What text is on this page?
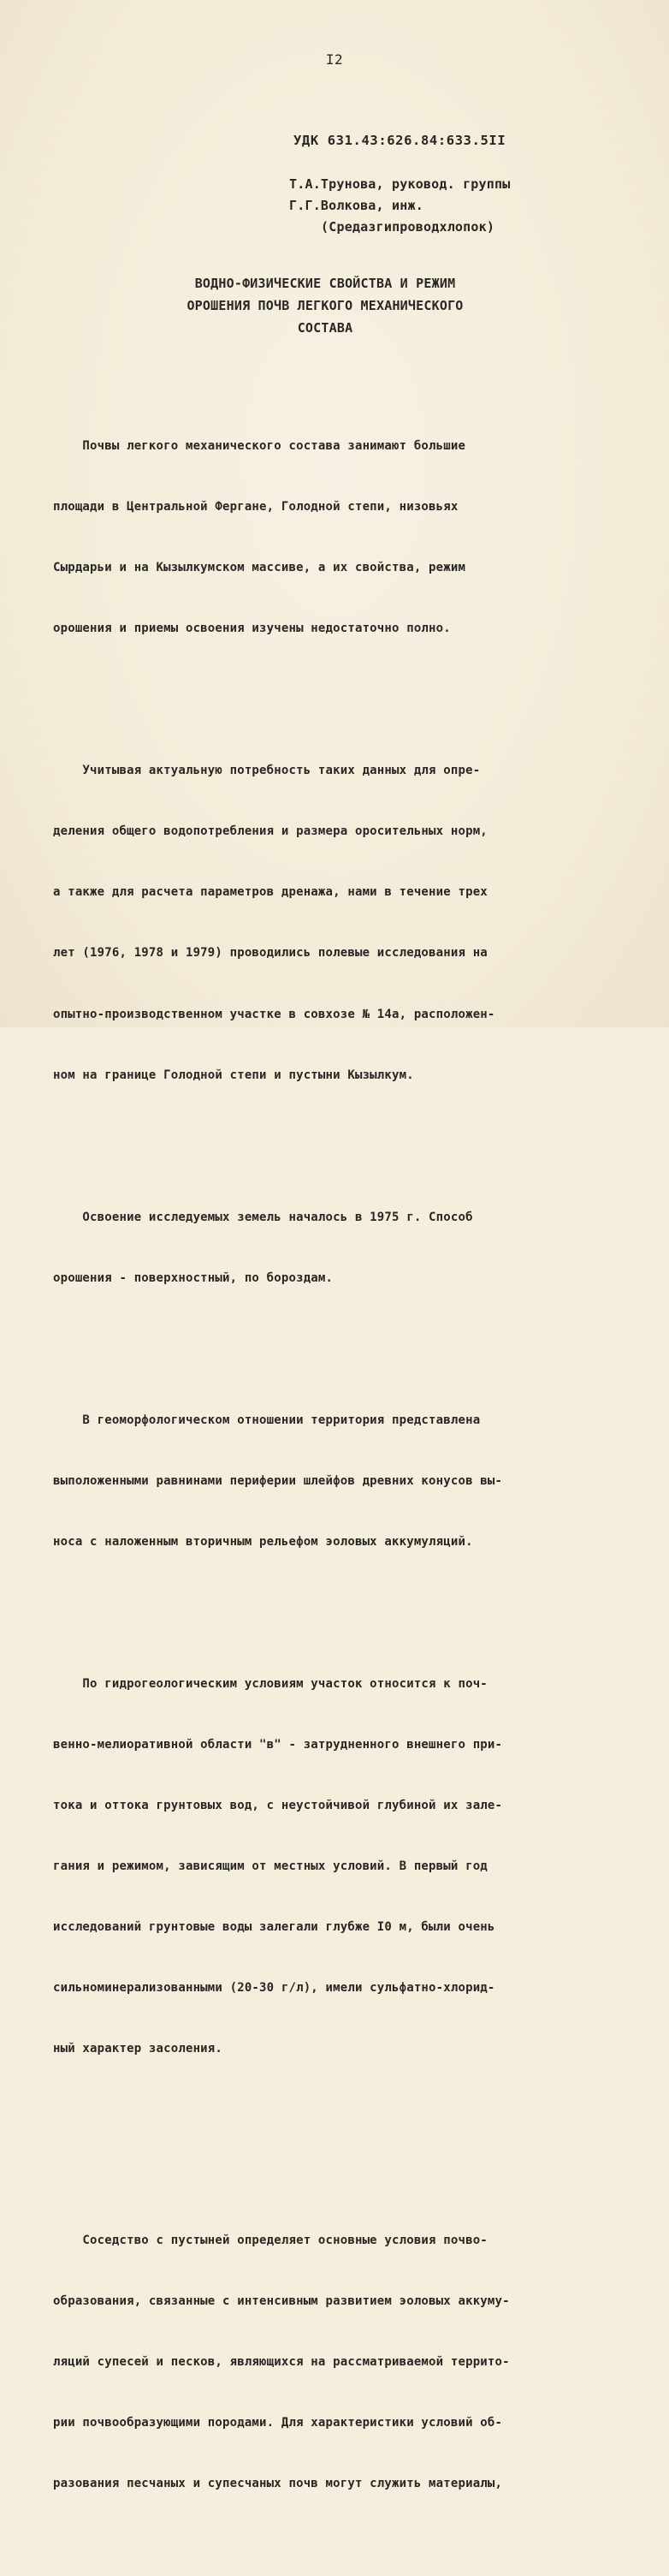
I2
УДК 631.43:626.84:633.5II
Т.А.Трунова, руковод. группы
Г.Г.Волкова, инж.
(Средазгипроводхлопок)
ВОДНО-ФИЗИЧЕСКИЕ СВОЙСТВА И РЕЖИМ
ОРОШЕНИЯ ПОЧВ ЛЕГКОГО МЕХАНИЧЕСКОГО
СОСТАВА

Почвы легкого механического состава занимают большие

площади в Центральной Фергане, Голодной степи, низовьях

Сырдарьи и на Кызылкумском массиве, а их свойства, режим

орошения и приемы освоения изучены недостаточно полно.

Учитывая актуальную потребность таких данных для опре-

деления общего водопотребления и размера оросительных норм,

а также для расчета параметров дренажа, нами в течение трех

лет (1976, 1978 и 1979) проводились полевые исследования на

опытно-производственном участке в совхозе № 14а, расположен-

ном на границе Голодной степи и пустыни Кызылкум.

Освоение исследуемых земель началось в 1975 г. Способ

орошения - поверхностный, по бороздам.

В геоморфологическом отношении территория представлена

выположенными равнинами периферии шлейфов древних конусов вы-

носа с наложенным вторичным рельефом эоловых аккумуляций.

По гидрогеологическим условиям участок относится к поч-

венно-мелиоративной области "в" - затрудненного внешнего при-

тока и оттока грунтовых вод, с неустойчивой глубиной их зале-

гания и режимом, зависящим от местных условий. В первый год

исследований грунтовые воды залегали глубже I0 м, были очень

сильноминерализованными (20-30 г/л), имели сульфатно-хлорид-

ный характер засоления.

Соседство с пустыней определяет основные условия почво-

образования, связанные с интенсивным развитием эоловых аккуму-

ляций супесей и песков, являющихся на рассматриваемой террито-

рии почвообразующими породами. Для характеристики условий об-

разования песчаных и супесчаных почв могут служить материалы,
